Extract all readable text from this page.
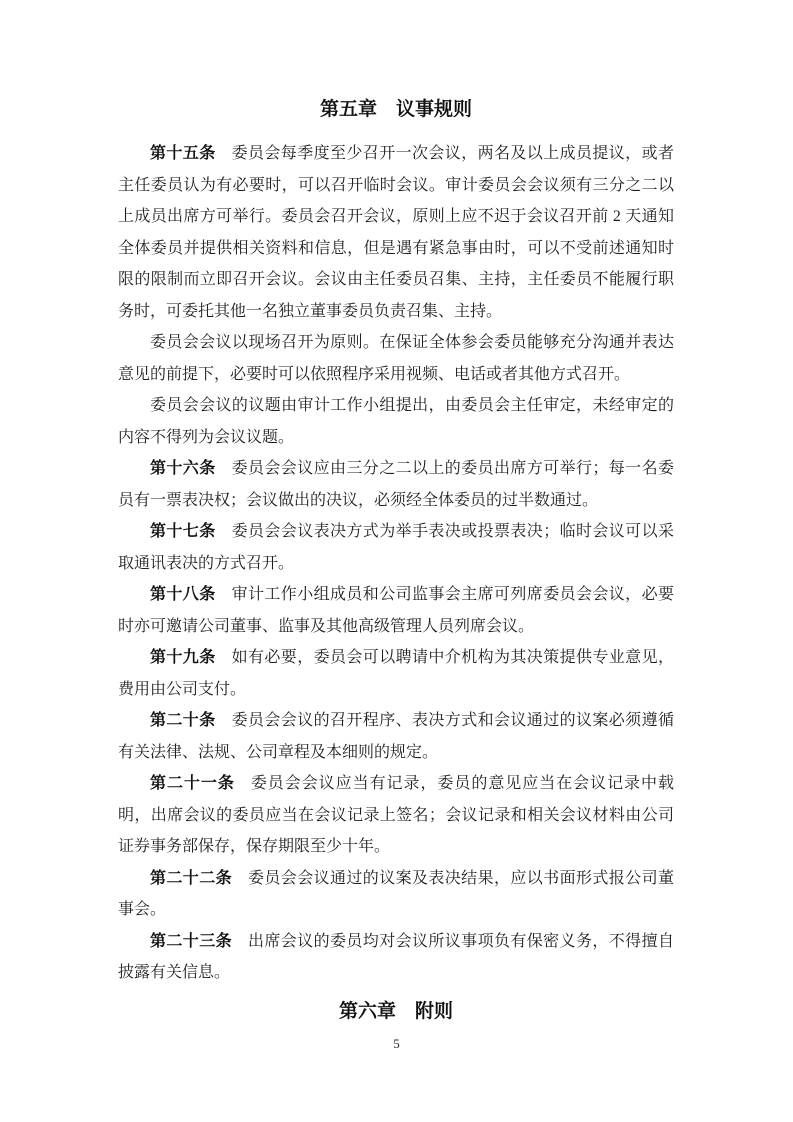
第五章 议事规则

第十五条 委员会每季度至少召开一次会议，两名及以上成员提议，或者主任委员认为有必要时，可以召开临时会议。审计委员会会议须有三分之二以上成员出席方可举行。委员会召开会议，原则上应不迟于会议召开前 2 天通知全体委员并提供相关资料和信息，但是遇有紧急事由时，可以不受前述通知时限的限制而立即召开会议。会议由主任委员召集、主持，主任委员不能履行职务时，可委托其他一名独立董事委员负责召集、主持。

委员会会议以现场召开为原则。在保证全体参会委员能够充分沟通并表达意见的前提下，必要时可以依照程序采用视频、电话或者其他方式召开。

委员会会议的议题由审计工作小组提出，由委员会主任审定，未经审定的内容不得列为会议议题。

第十六条 委员会会议应由三分之二以上的委员出席方可举行；每一名委员有一票表决权；会议做出的决议，必须经全体委员的过半数通过。

第十七条 委员会会议表决方式为举手表决或投票表决；临时会议可以采取通讯表决的方式召开。

第十八条 审计工作小组成员和公司监事会主席可列席委员会会议，必要时亦可邀请公司董事、监事及其他高级管理人员列席会议。

第十九条 如有必要，委员会可以聘请中介机构为其决策提供专业意见，费用由公司支付。

第二十条 委员会会议的召开程序、表决方式和会议通过的议案必须遵循有关法律、法规、公司章程及本细则的规定。

第二十一条 委员会会议应当有记录，委员的意见应当在会议记录中载明，出席会议的委员应当在会议记录上签名；会议记录和相关会议材料由公司证券事务部保存，保存期限至少十年。

第二十二条 委员会会议通过的议案及表决结果，应以书面形式报公司董事会。

第二十三条 出席会议的委员均对会议所议事项负有保密义务，不得擅自披露有关信息。

第六章 附则
5
